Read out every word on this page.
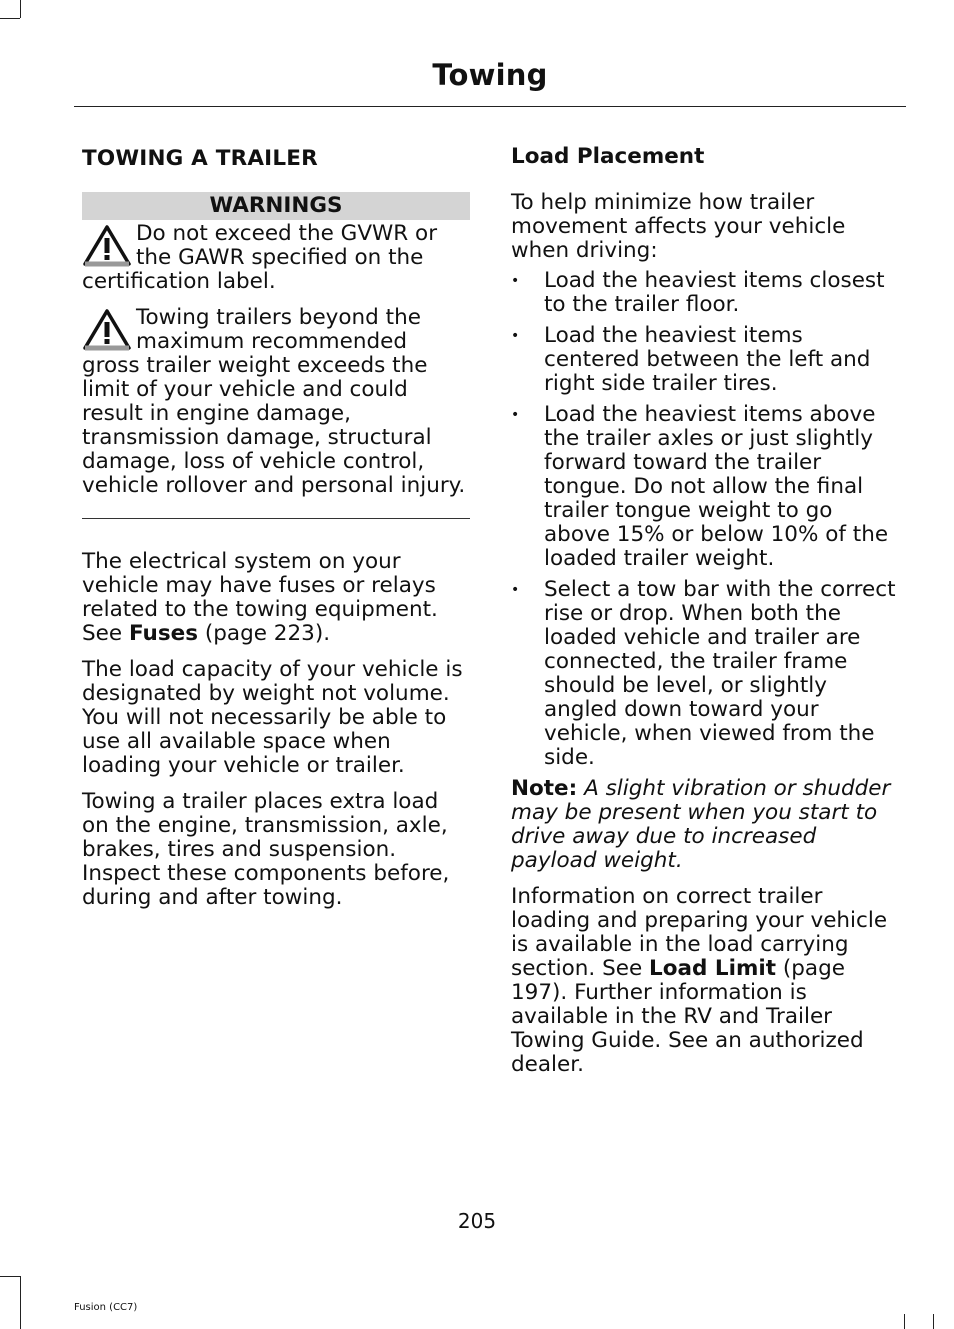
Towing
TOWING A TRAILER
WARNINGS

Do not exceed the GVWR or the GAWR specified on the certification label.

Towing trailers beyond the maximum recommended gross trailer weight exceeds the limit of your vehicle and could result in engine damage, transmission damage, structural damage, loss of vehicle control, vehicle rollover and personal injury.

The electrical system on your vehicle may have fuses or relays related to the towing equipment. See Fuses (page 223).

The load capacity of your vehicle is designated by weight not volume. You will not necessarily be able to use all available space when loading your vehicle or trailer.

Towing a trailer places extra load on the engine, transmission, axle, brakes, tires and suspension. Inspect these components before, during and after towing.

Load Placement

To help minimize how trailer movement affects your vehicle when driving:

• Load the heaviest items closest to the trailer floor.
• Load the heaviest items centered between the left and right side trailer tires.
• Load the heaviest items above the trailer axles or just slightly forward toward the trailer tongue. Do not allow the final trailer tongue weight to go above 15% or below 10% of the loaded trailer weight.
• Select a tow bar with the correct rise or drop. When both the loaded vehicle and trailer are connected, the trailer frame should be level, or slightly angled down toward your vehicle, when viewed from the side.

Note: A slight vibration or shudder may be present when you start to drive away due to increased payload weight.

Information on correct trailer loading and preparing your vehicle is available in the load carrying section. See Load Limit (page 197). Further information is available in the RV and Trailer Towing Guide. See an authorized dealer.

205
Fusion (CC7)
